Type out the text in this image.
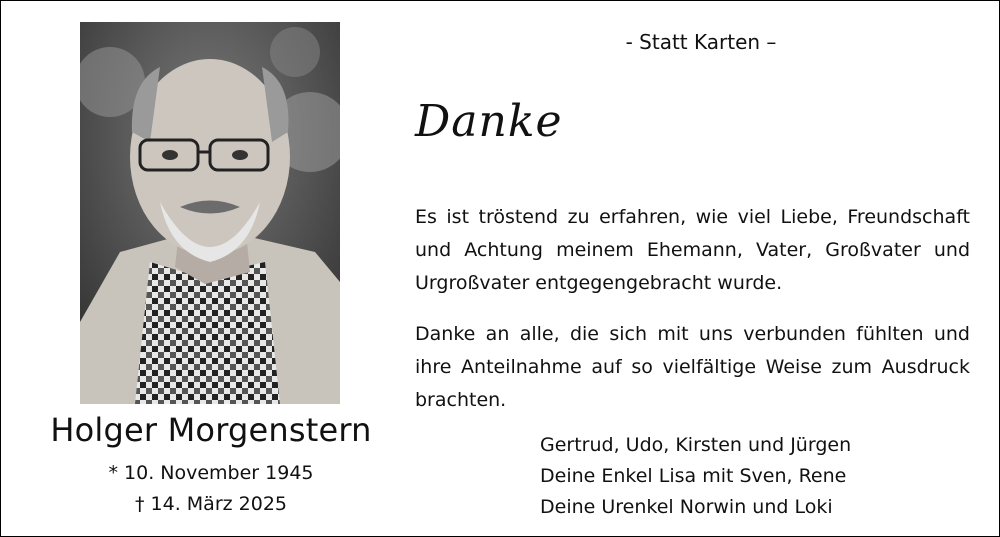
Holger Morgenstern
* 10. November 1945
† 14. März 2025
- Statt Karten –
Danke
Es ist tröstend zu erfahren, wie viel Liebe, Freundschaft und Achtung meinem Ehemann, Vater, Großvater und Urgroßvater entgegengebracht wurde.
Danke an alle, die sich mit uns verbunden fühlten und ihre Anteilnahme auf so vielfältige Weise zum Ausdruck brachten.
Gertrud, Udo, Kirsten und Jürgen
Deine Enkel Lisa mit Sven, Rene
Deine Urenkel Norwin und Loki
